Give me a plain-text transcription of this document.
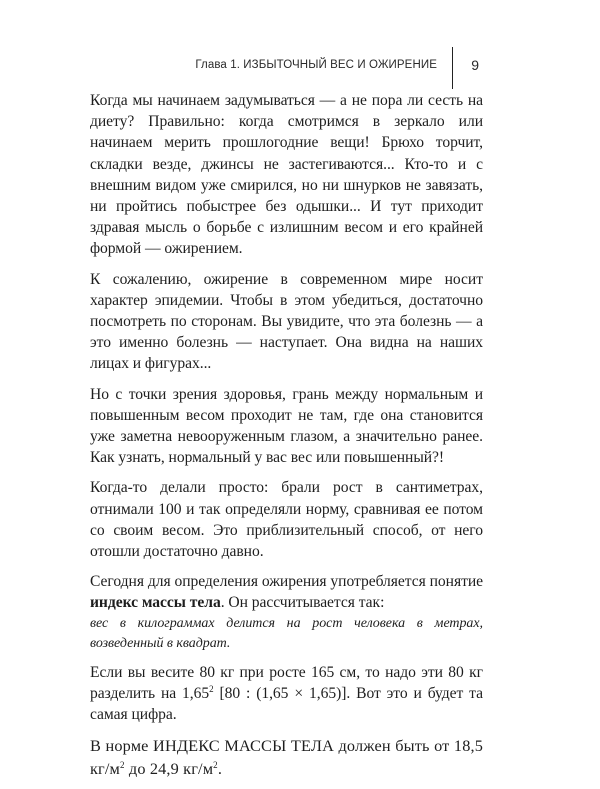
Глава 1. ИЗБЫТОЧНЫЙ ВЕС И ОЖИРЕНИЕ 9

Когда мы начинаем задумываться — а не пора ли сесть на диету? Правильно: когда смотримся в зеркало или начинаем мерить прошлогодние вещи! Брюхо торчит, складки везде, джинсы не застегиваются... Кто-то и с внешним видом уже смирился, но ни шнурков не завязать, ни пройтись побыстрее без одышки... И тут приходит здравая мысль о борьбе с излишним весом и его крайней формой — ожирением.

К сожалению, ожирение в современном мире носит характер эпидемии. Чтобы в этом убедиться, достаточно посмотреть по сторонам. Вы увидите, что эта болезнь — а это именно болезнь — наступает. Она видна на наших лицах и фигурах...

Но с точки зрения здоровья, грань между нормальным и повышенным весом проходит не там, где она становится уже заметна невооруженным глазом, а значительно ранее. Как узнать, нормальный у вас вес или повышенный?!

Когда-то делали просто: брали рост в сантиметрах, отнимали 100 и так определяли норму, сравнивая ее потом со своим весом. Это приблизительный способ, от него отошли достаточно давно.

Сегодня для определения ожирения употребляется понятие индекс массы тела. Он рассчитывается так:
вес в килограммах делится на рост человека в метрах, возведенный в квадрат.

Если вы весите 80 кг при росте 165 см, то надо эти 80 кг разделить на 1,65$^2$ [80 : (1,65 × 1,65)]. Вот это и будет та самая цифра.

В норме ИНДЕКС МАССЫ ТЕЛА должен быть от 18,5 $кг/м^2$ до 24,9 $кг/м^2$.
